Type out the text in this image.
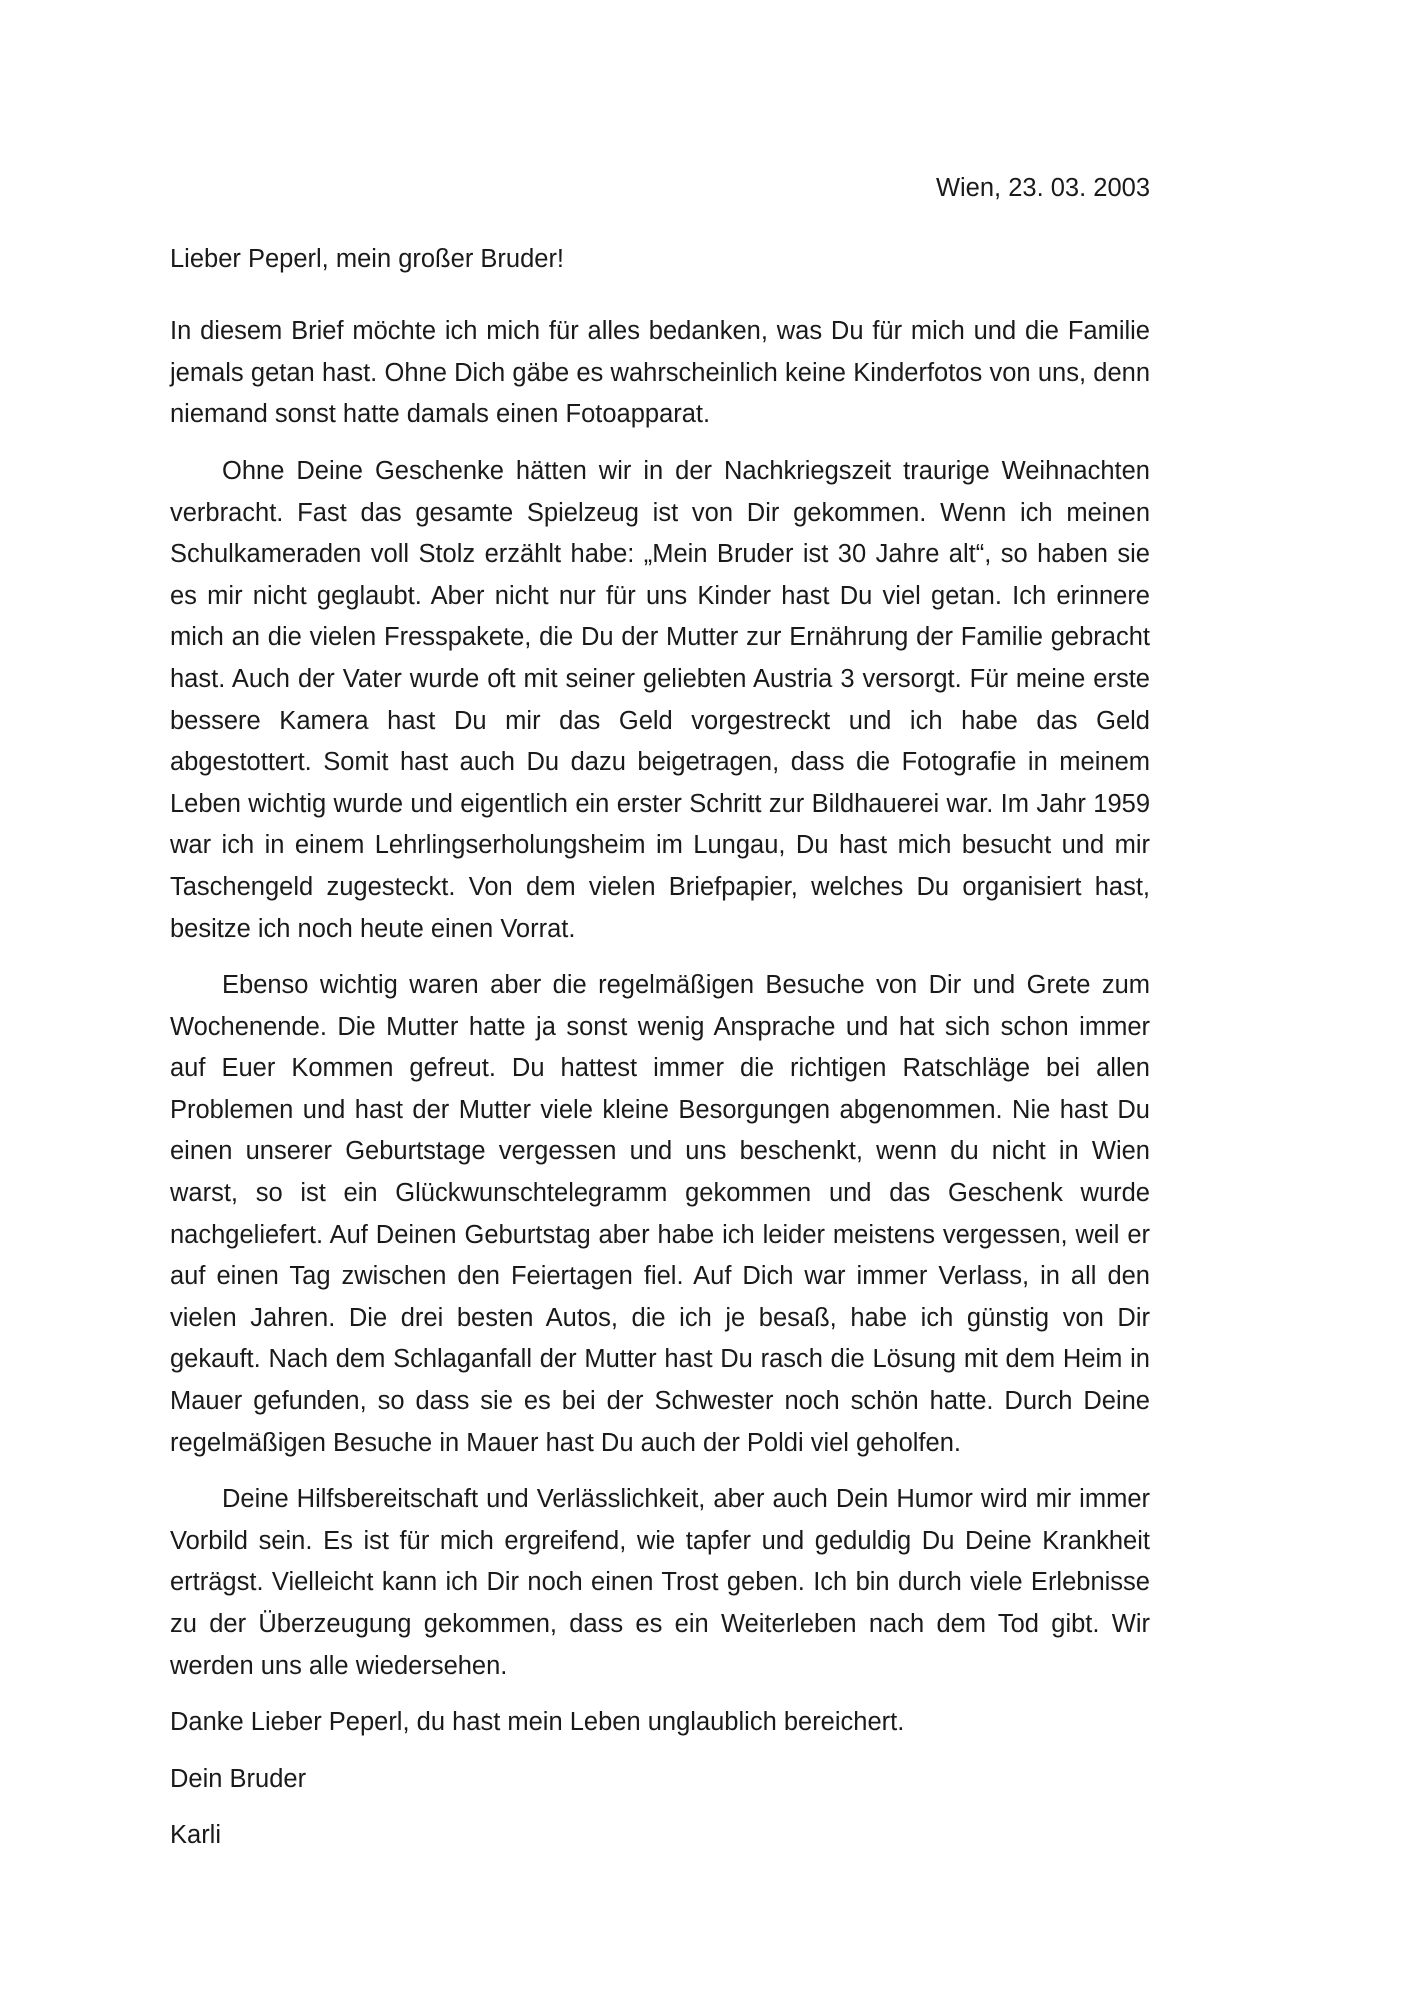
Wien, 23. 03. 2003

Lieber Peperl, mein großer Bruder!

In diesem Brief möchte ich mich für alles bedanken, was Du für mich und die Familie jemals getan hast. Ohne Dich gäbe es wahrscheinlich keine Kinderfotos von uns, denn niemand sonst hatte damals einen Fotoapparat.

Ohne Deine Geschenke hätten wir in der Nachkriegszeit traurige Weihnachten verbracht. Fast das gesamte Spielzeug ist von Dir gekommen. Wenn ich meinen Schulkameraden voll Stolz erzählt habe: „Mein Bruder ist 30 Jahre alt“, so haben sie es mir nicht geglaubt. Aber nicht nur für uns Kinder hast Du viel getan. Ich erinnere mich an die vielen Fresspakete, die Du der Mutter zur Ernährung der Familie gebracht hast. Auch der Vater wurde oft mit seiner geliebten Austria 3 versorgt. Für meine erste bessere Kamera hast Du mir das Geld vorgestreckt und ich habe das Geld abgestottert. Somit hast auch Du dazu beigetragen, dass die Fotografie in meinem Leben wichtig wurde und eigentlich ein erster Schritt zur Bildhauerei war. Im Jahr 1959 war ich in einem Lehrlingserholungsheim im Lungau, Du hast mich besucht und mir Taschengeld zugesteckt. Von dem vielen Briefpapier, welches Du organisiert hast, besitze ich noch heute einen Vorrat.

Ebenso wichtig waren aber die regelmäßigen Besuche von Dir und Grete zum Wochenende. Die Mutter hatte ja sonst wenig Ansprache und hat sich schon immer auf Euer Kommen gefreut. Du hattest immer die richtigen Ratschläge bei allen Problemen und hast der Mutter viele kleine Besorgungen abgenommen. Nie hast Du einen unserer Geburtstage vergessen und uns beschenkt, wenn du nicht in Wien warst, so ist ein Glückwunschtelegramm gekommen und das Geschenk wurde nachgeliefert. Auf Deinen Geburtstag aber habe ich leider meistens vergessen, weil er auf einen Tag zwischen den Feiertagen fiel. Auf Dich war immer Verlass, in all den vielen Jahren. Die drei besten Autos, die ich je besaß, habe ich günstig von Dir gekauft. Nach dem Schlaganfall der Mutter hast Du rasch die Lösung mit dem Heim in Mauer gefunden, so dass sie es bei der Schwester noch schön hatte. Durch Deine regelmäßigen Besuche in Mauer hast Du auch der Poldi viel geholfen.

Deine Hilfsbereitschaft und Verlässlichkeit, aber auch Dein Humor wird mir immer Vorbild sein. Es ist für mich ergreifend, wie tapfer und geduldig Du Deine Krankheit erträgst. Vielleicht kann ich Dir noch einen Trost geben. Ich bin durch viele Erlebnisse zu der Überzeugung gekommen, dass es ein Weiterleben nach dem Tod gibt. Wir werden uns alle wiedersehen.

Danke Lieber Peperl, du hast mein Leben unglaublich bereichert.

Dein Bruder

Karli
